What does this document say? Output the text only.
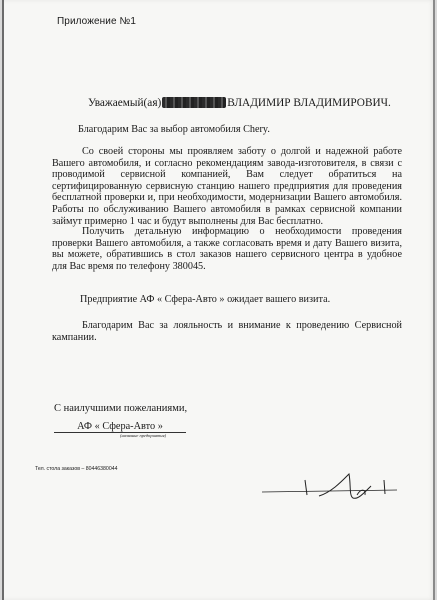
Приложение №1
Уважаемый(ая)	ВЛАДИМИР ВЛАДИМИРОВИЧ.
Благодарим Вас за выбор автомобиля Chery.
Со своей стороны мы проявляем заботу о долгой и надежной работе Вашего автомобиля, и согласно рекомендациям завода-изготовителя, в связи с проводимой сервисной компанией, Вам следует обратиться на сертифицированную сервисную станцию нашего предприятия для проведения бесплатной проверки и, при необходимости, модернизации Вашего автомобиля. Работы по обслуживанию Вашего автомобиля в рамках сервисной компании займут примерно 1 час и будут выполнены для Вас бесплатно.
Получить детальную информацию о необходимости проведения проверки Вашего автомобиля, а также согласовать время и дату Вашего визита, вы можете, обратившись в стол заказов нашего сервисного центра в удобное для Вас время по телефону 380045.
Предприятие АФ « Сфера-Авто » ожидает вашего визита.
Благодарим Вас за лояльность и внимание к проведению Сервисной кампании.
С наилучшими пожеланиями,
АФ « Сфера-Авто »
(название предприятия)
Тел. стола заказов – 80446380044
